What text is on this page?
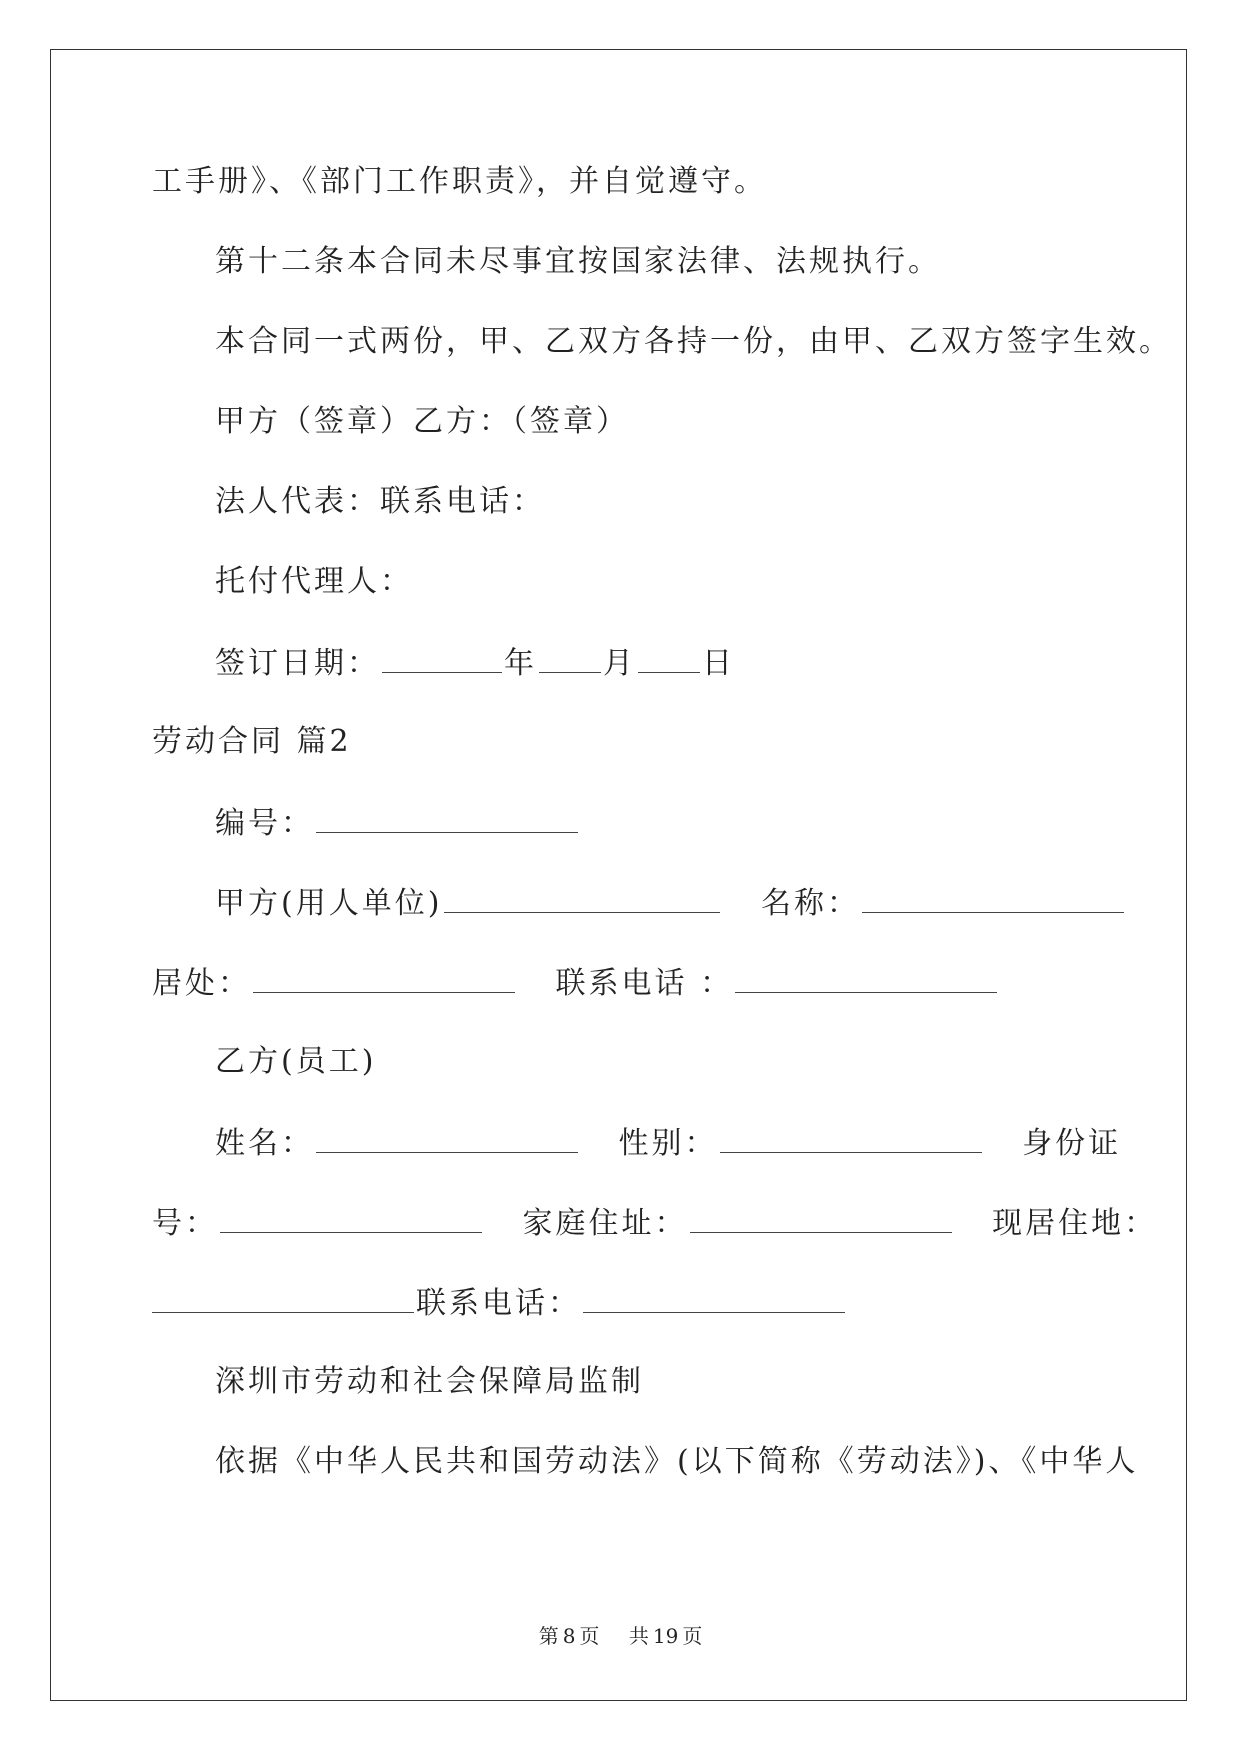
工手册》、《部门工作职责》，并自觉遵守。
第十二条本合同未尽事宜按国家法律、法规执行。
本合同一式两份，甲、乙双方各持一份，由甲、乙双方签字生效。
甲方（签章）乙方：（签章）
法人代表：联系电话：
托付代理人：
签订日期：	年 月 日
劳动合同 篇2
编号：
甲方(用人单位)	名称：
居处：	联系电话 ：
乙方(员工)
姓名：	性别：	身份证
号：	家庭住址：	现居住地：
联系电话：
深圳市劳动和社会保障局监制
依据《中华人民共和国劳动法》(以下简称《劳动法》)、《中华人
第 8 页 共 19 页
